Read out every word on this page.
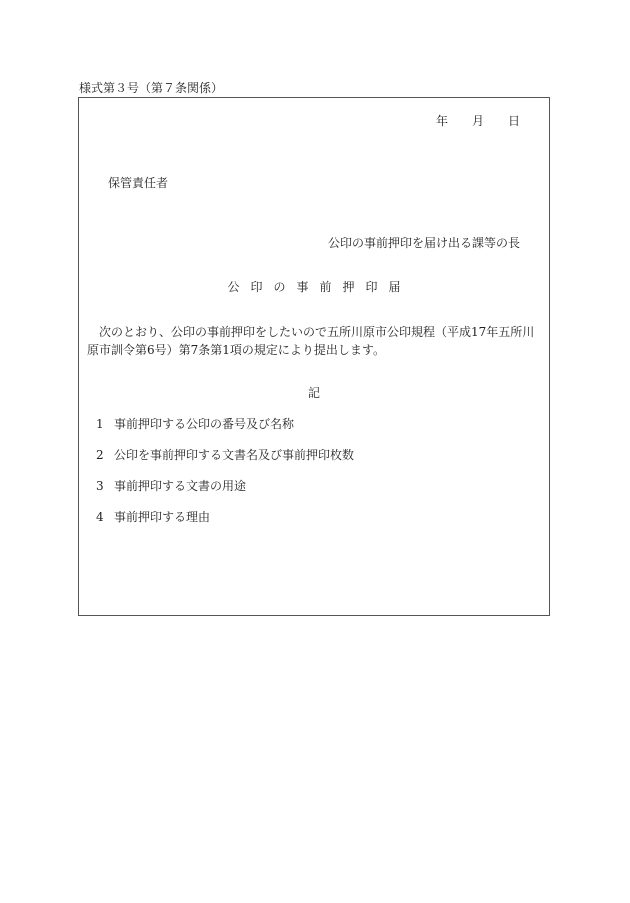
様式第３号（第７条関係）
年 月 日
保管責任者
公印の事前押印を届け出る課等の長
公印の事前押印届
次のとおり、公印の事前押印をしたいので五所川原市公印規程（平成17年五所川原市訓令第6号）第7条第1項の規定により提出します。
記
1 事前押印する公印の番号及び名称
2 公印を事前押印する文書名及び事前押印枚数
3 事前押印する文書の用途
4 事前押印する理由
